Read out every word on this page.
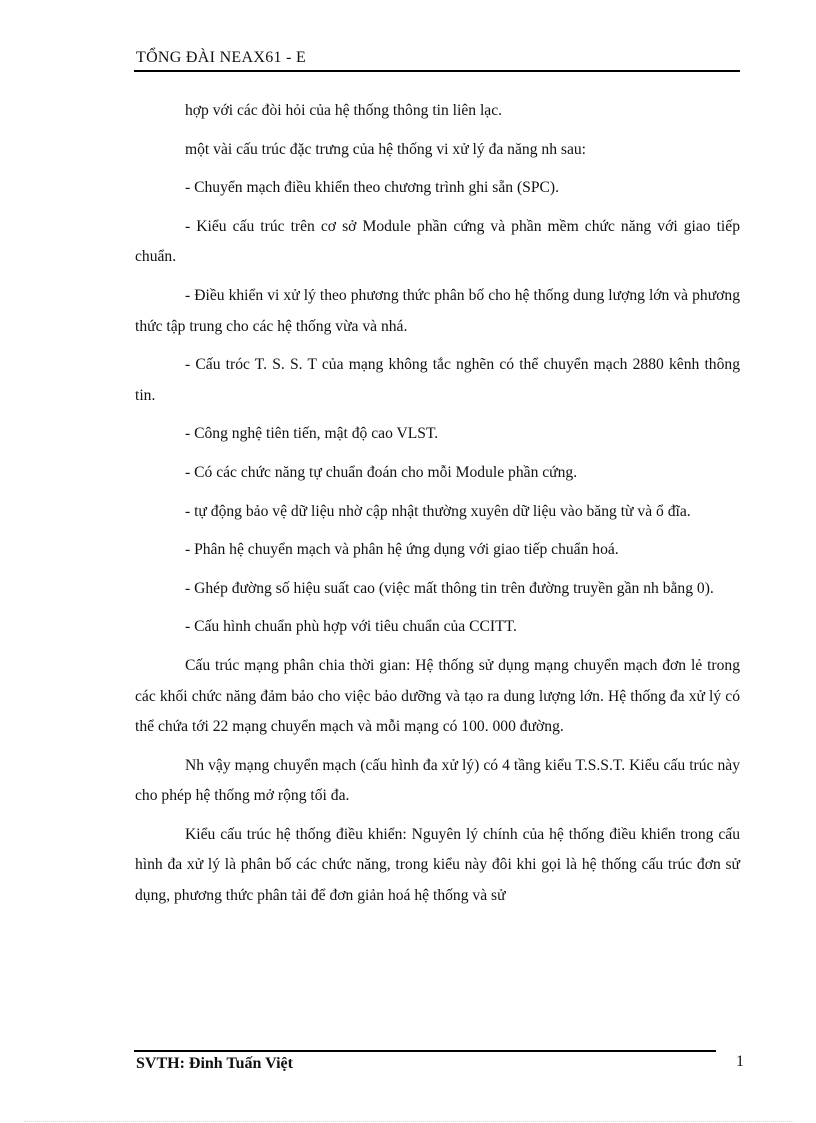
TỔNG ĐÀI NEAX61 - E

hợp với các đòi hỏi của hệ thống thông tin liên lạc.

một vài cấu trúc đặc trưng của hệ thống vi xử lý đa năng nh sau:

- Chuyển mạch điều khiển theo chương trình ghi sẵn (SPC).

- Kiểu cấu trúc trên cơ sở Module phần cứng và phần mềm chức năng với giao tiếp chuẩn.

- Điều khiển vi xử lý theo phương thức phân bố cho hệ thống dung lượng lớn và phương thức tập trung cho các hệ thống vừa và nhá.

- Cấu tróc T. S. S. T của mạng không tắc nghẽn có thể chuyển mạch 2880 kênh thông tin.

- Công nghệ tiên tiến, mật độ cao VLST.

- Có các chức năng tự chuẩn đoán cho mỗi Module phần cứng.

- tự động bảo vệ dữ liệu nhờ cập nhật thường xuyên dữ liệu vào băng từ và ổ đĩa.

- Phân hệ chuyển mạch và phân hệ ứng dụng với giao tiếp chuẩn hoá.

- Ghép đường số hiệu suất cao (việc mất thông tin trên đường truyền gần nh bằng 0).

- Cấu hình chuẩn phù hợp với tiêu chuẩn của CCITT.

Cấu trúc mạng phân chia thời gian: Hệ thống sử dụng mạng chuyển mạch đơn lẻ trong các khối chức năng đảm bảo cho việc bảo dưỡng và tạo ra dung lượng lớn. Hệ thống đa xử lý có thể chứa tới 22 mạng chuyển mạch và mỗi mạng có 100. 000 đường.

Nh vậy mạng chuyển mạch (cấu hình đa xử lý) có 4 tầng kiểu T.S.S.T. Kiểu cấu trúc này cho phép hệ thống mở rộng tối đa.

Kiểu cấu trúc hệ thống điều khiển: Nguyên lý chính của hệ thống điều khiển trong cấu hình đa xử lý là phân bố các chức năng, trong kiểu này đôi khi gọi là hệ thống cấu trúc đơn sử dụng, phương thức phân tải để đơn giản hoá hệ thống và sử

SVTH: Đinh Tuấn Việt	1
